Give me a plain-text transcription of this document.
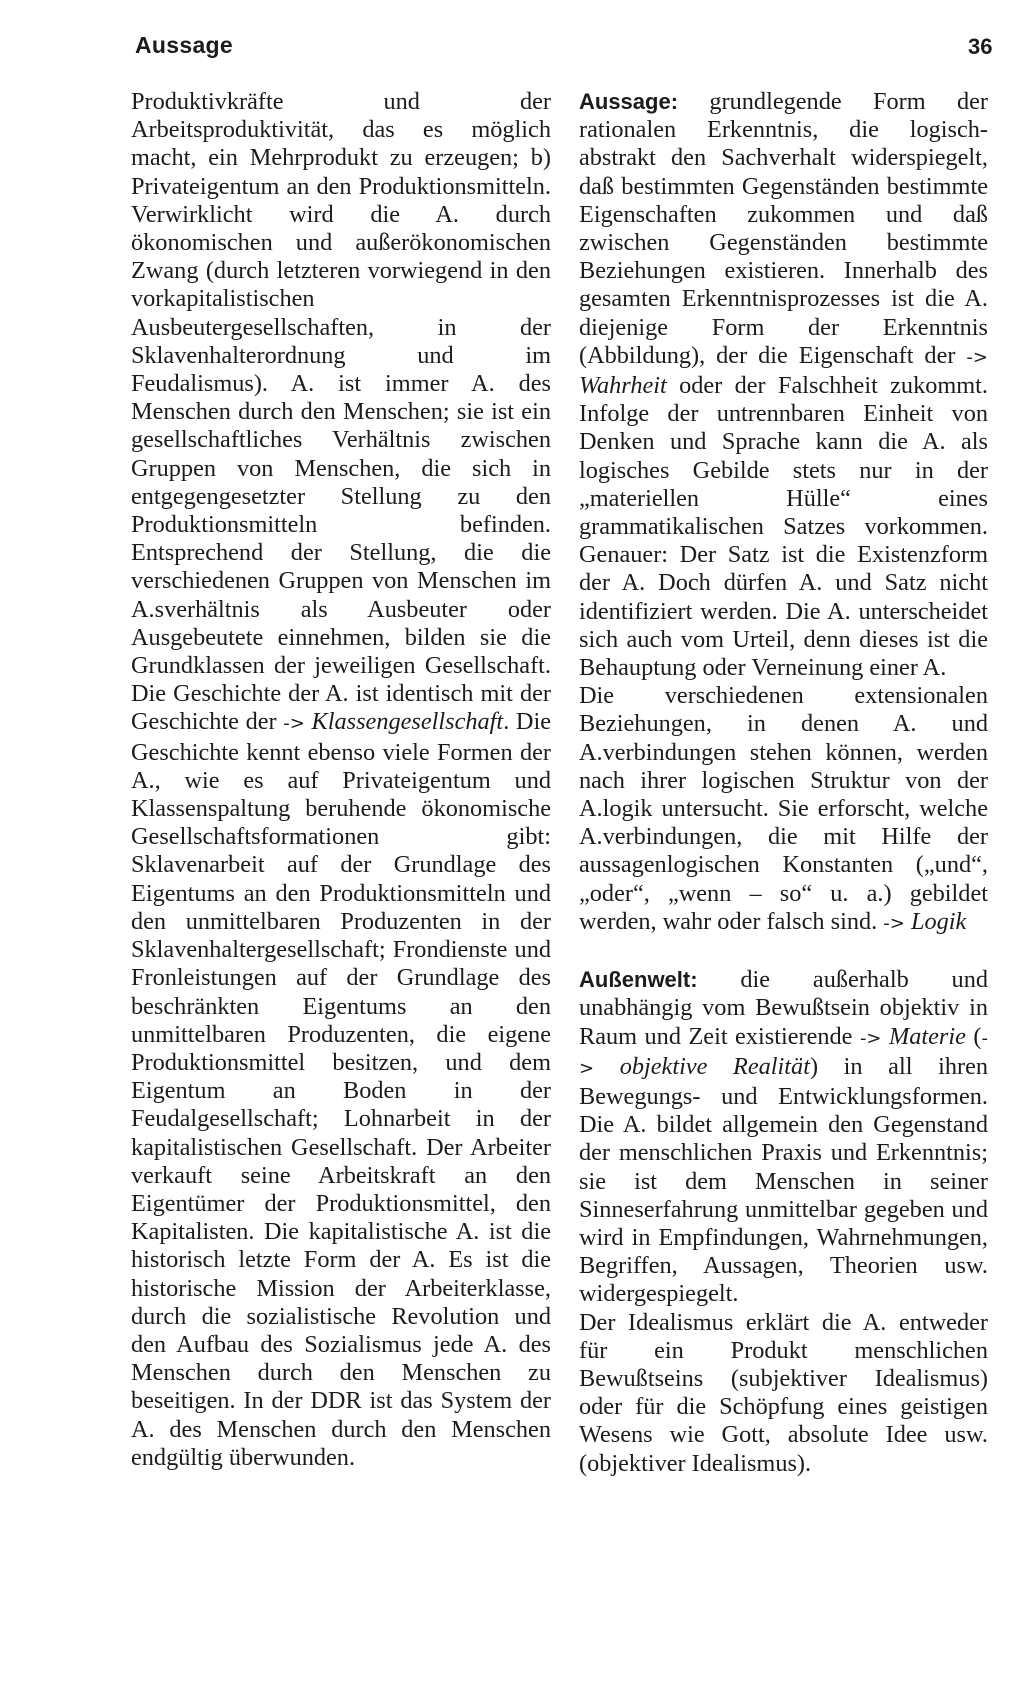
Aussage	36

Produktivkräfte und der Arbeitsproduktivität, das es möglich macht, ein Mehrprodukt zu erzeugen; b) Privateigentum an den Produktionsmitteln. Verwirklicht wird die A. durch ökonomischen und außerökonomischen Zwang (durch letzteren vorwiegend in den vorkapitalistischen Ausbeutergesellschaften, in der Sklavenhalterordnung und im Feudalismus). A. ist immer A. des Menschen durch den Menschen; sie ist ein gesellschaftliches Verhältnis zwischen Gruppen von Menschen, die sich in entgegengesetzter Stellung zu den Produktionsmitteln befinden. Entsprechend der Stellung, die die verschiedenen Gruppen von Menschen im A.sverhältnis als Ausbeuter oder Ausgebeutete einnehmen, bilden sie die Grundklassen der jeweiligen Gesellschaft. Die Geschichte der A. ist identisch mit der Geschichte der -> Klassengesellschaft. Die Geschichte kennt ebenso viele Formen der A., wie es auf Privateigentum und Klassenspaltung beruhende ökonomische Gesellschaftsformationen gibt: Sklavenarbeit auf der Grundlage des Eigentums an den Produktionsmitteln und den unmittelbaren Produzenten in der Sklavenhaltergesellschaft; Frondienste und Fronleistungen auf der Grundlage des beschränkten Eigentums an den unmittelbaren Produzenten, die eigene Produktionsmittel besitzen, und dem Eigentum an Boden in der Feudalgesellschaft; Lohnarbeit in der kapitalistischen Gesellschaft. Der Arbeiter verkauft seine Arbeitskraft an den Eigentümer der Produktionsmittel, den Kapitalisten. Die kapitalistische A. ist die historisch letzte Form der A. Es ist die historische Mission der Arbeiterklasse, durch die sozialistische Revolution und den Aufbau des Sozialismus jede A. des Menschen durch den Menschen zu beseitigen. In der DDR ist das System der A. des Menschen durch den Menschen endgültig überwunden.

Aussage: grundlegende Form der rationalen Erkenntnis, die logisch-abstrakt den Sachverhalt widerspiegelt, daß bestimmten Gegenständen bestimmte Eigenschaften zukommen und daß zwischen Gegenständen bestimmte Beziehungen existieren. Innerhalb des gesamten Erkenntnisprozesses ist die A. diejenige Form der Erkenntnis (Abbildung), der die Eigenschaft der -> Wahrheit oder der Falschheit zukommt. Infolge der untrennbaren Einheit von Denken und Sprache kann die A. als logisches Gebilde stets nur in der „materiellen Hülle“ eines grammatikalischen Satzes vorkommen. Genauer: Der Satz ist die Existenzform der A. Doch dürfen A. und Satz nicht identifiziert werden. Die A. unterscheidet sich auch vom Urteil, denn dieses ist die Behauptung oder Verneinung einer A.

Die verschiedenen extensionalen Beziehungen, in denen A. und A.verbindungen stehen können, werden nach ihrer logischen Struktur von der A.logik untersucht. Sie erforscht, welche A.verbindungen, die mit Hilfe der aussagenlogischen Konstanten („und“, „oder“, „wenn – so“ u. a.) gebildet werden, wahr oder falsch sind. -> Logik

Außenwelt: die außerhalb und unabhängig vom Bewußtsein objektiv in Raum und Zeit existierende -> Materie (-> objektive Realität) in all ihren Bewegungs- und Entwicklungsformen. Die A. bildet allgemein den Gegenstand der menschlichen Praxis und Erkenntnis; sie ist dem Menschen in seiner Sinneserfahrung unmittelbar gegeben und wird in Empfindungen, Wahrnehmungen, Begriffen, Aussagen, Theorien usw. widergespiegelt.

Der Idealismus erklärt die A. entweder für ein Produkt menschlichen Bewußtseins (subjektiver Idealismus) oder für die Schöpfung eines geistigen Wesens wie Gott, absolute Idee usw. (objektiver Idealismus).
